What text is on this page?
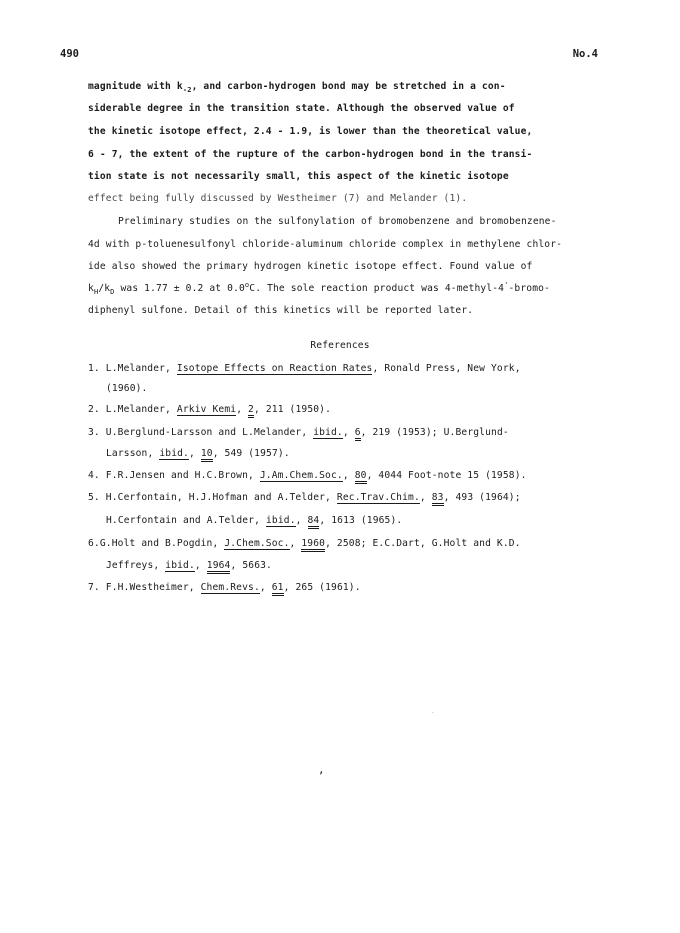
490	No.4
magnitude with $k_{-2}$, and carbon-hydrogen bond may be stretched in a con-
siderable degree in the transition state. Although the observed value of
the kinetic isotope effect, 2.4 - 1.9, is lower than the theoretical value,
6 - 7, the extent of the rupture of the carbon-hydrogen bond in the transi-
tion state is not necessarily small, this aspect of the kinetic isotope
effect being fully discussed by Westheimer (7) and Melander (1).
Preliminary studies on the sulfonylation of bromobenzene and bromobenzene-
4d with p-toluenesulfonyl chloride-aluminum chloride complex in methylene chlor-
ide also showed the primary hydrogen kinetic isotope effect. Found value of
$k_H/k_D$ was 1.77 ± 0.2 at 0.0$^o$C. The sole reaction product was 4-methyl-4'-bromo-
diphenyl sulfone. Detail of this kinetics will be reported later.
References
1. L.Melander, Isotope Effects on Reaction Rates, Ronald Press, New York,
(1960).
2. L.Melander, Arkiv Kemi, 2, 211 (1950).
3. U.Berglund-Larsson and L.Melander, ibid., 6, 219 (1953); U.Berglund-
Larsson, ibid., 10, 549 (1957).
4. F.R.Jensen and H.C.Brown, J.Am.Chem.Soc., 80, 4044 Foot-note 15 (1958).
5. H.Cerfontain, H.J.Hofman and A.Telder, Rec.Trav.Chim., 83, 493 (1964);
H.Cerfontain and A.Telder, ibid., 84, 1613 (1965).
6.G.Holt and B.Pogdin, J.Chem.Soc., 1960, 2508; E.C.Dart, G.Holt and K.D.
Jeffreys, ibid., 1964, 5663.
7. F.H.Westheimer, Chem.Revs., 61, 265 (1961).
,
.
